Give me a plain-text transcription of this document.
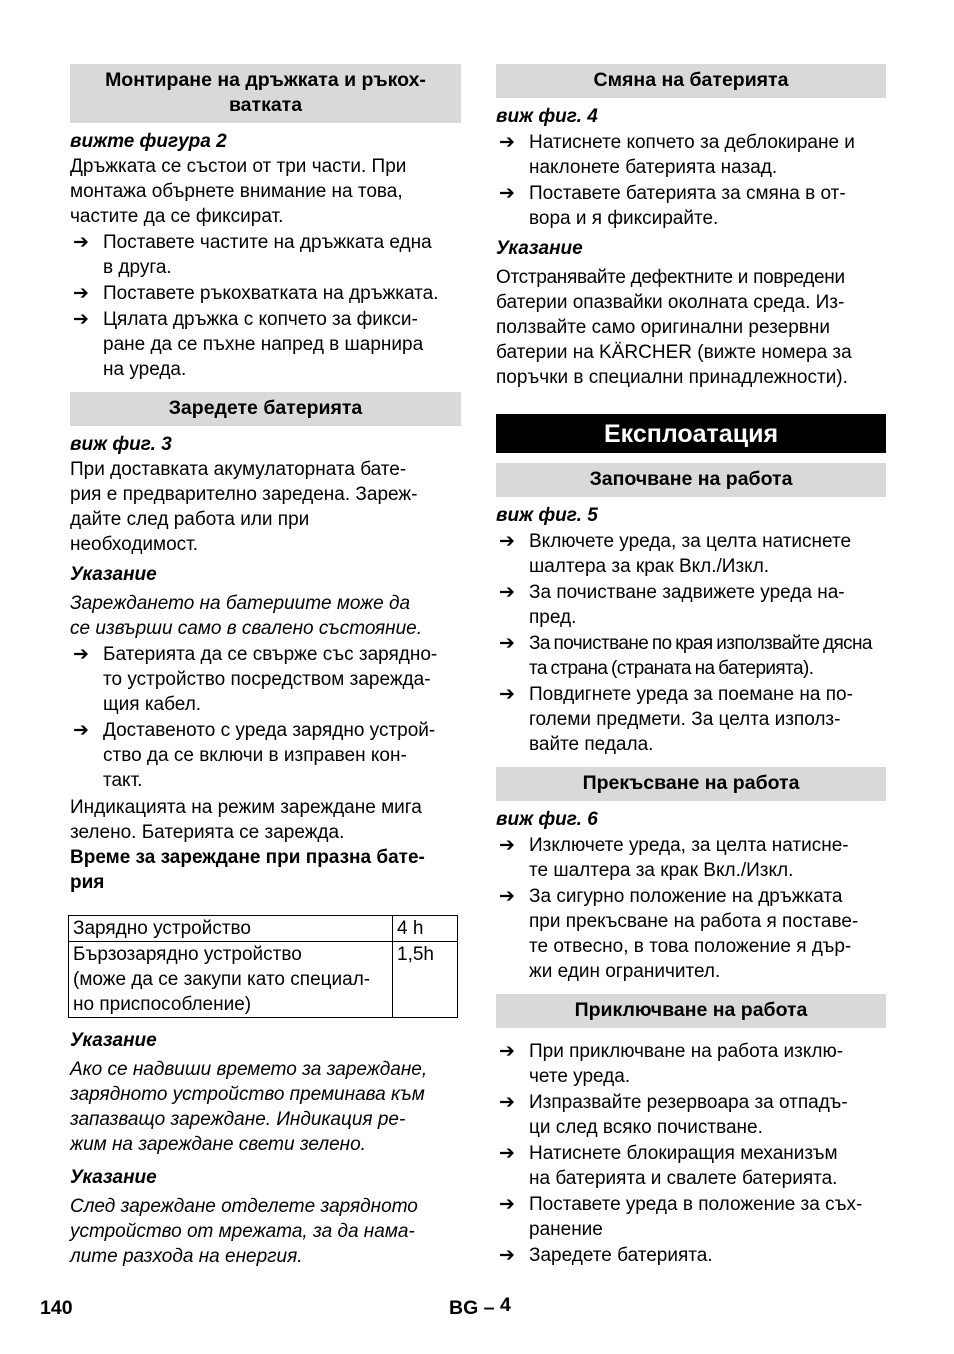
Монтиране на дръжката и ръкох-
ватката
вижте фигура 2
Дръжката се състои от три части. При
монтажа обърнете внимание на това,
частите да се фиксират.
➔ Поставете частите на дръжката една
в друга.
➔ Поставете ръкохватката на дръжката.
➔ Цялата дръжка с копчето за фикси-
ране да се пъхне напред в шарнира
на уреда.
Заредете батерията
виж фиг. 3
При доставката акумулаторната бате-
рия е предварително заредена. Зареж-
дайте след работа или при
необходимост.
Указание
Зареждането на батериите може да
се извърши само в свалено състояние.
➔ Батерията да се свърже със зарядно-
то устройство посредством зарежда-
щия кабел.
➔ Доставеното с уреда зарядно устрой-
ство да се включи в изправен кон-
такт.
Индикацията на режим зареждане мига
зелено. Батерията се зарежда.
Време за зареждане при празна бате-
рия
Зарядно устройство	4 h

Бързозарядно устройство
(може да се закупи като специал-
но приспособление)	1,5h
Указание
Ако се надвиши времето за зареждане,
зарядното устройство преминава към
запазващо зареждане. Индикация ре-
жим на зареждане свети зелено.
Указание
След зареждане отделете зарядното
устройство от мрежата, за да нама-
лите разхода на енергия.
Смяна на батерията
виж фиг. 4
➔ Натиснете копчето за деблокиране и
наклонете батерията назад.
➔ Поставете батерията за смяна в от-
вора и я фиксирайте.
Указание
Отстранявайте дефектните и повредени
батерии опазвайки околната среда. Из-
ползвайте само оригинални резервни
батерии на KÄRCHER (вижте номера за
поръчки в специални принадлежности).
Експлоатация
Започване на работа
виж фиг. 5
➔ Включете уреда, за целта натиснете
шалтера за крак Вкл./Изкл.
➔ За почистване задвижете уреда на-
пред.
➔ За почистване по края използвайте дясна
та страна (страната на батерията).
➔ Повдигнете уреда за поемане на по-
големи предмети. За целта използ-
вайте педала.
Прекъсване на работа
виж фиг. 6
➔ Изключете уреда, за целта натисне-
те шалтера за крак Вкл./Изкл.
➔ За сигурно положение на дръжката
при прекъсване на работа я поставе-
те отвесно, в това положение я дър-
жи един ограничител.
Приключване на работа
➔ При приключване на работа изклю-
чете уреда.
➔ Изпразвайте резервоара за отпадъ-
ци след всяко почистване.
➔ Натиснете блокиращия механизъм
на батерията и свалете батерията.
➔ Поставете уреда в положение за съх-
ранение
➔ Заредете батерията.
140	BG – 4
